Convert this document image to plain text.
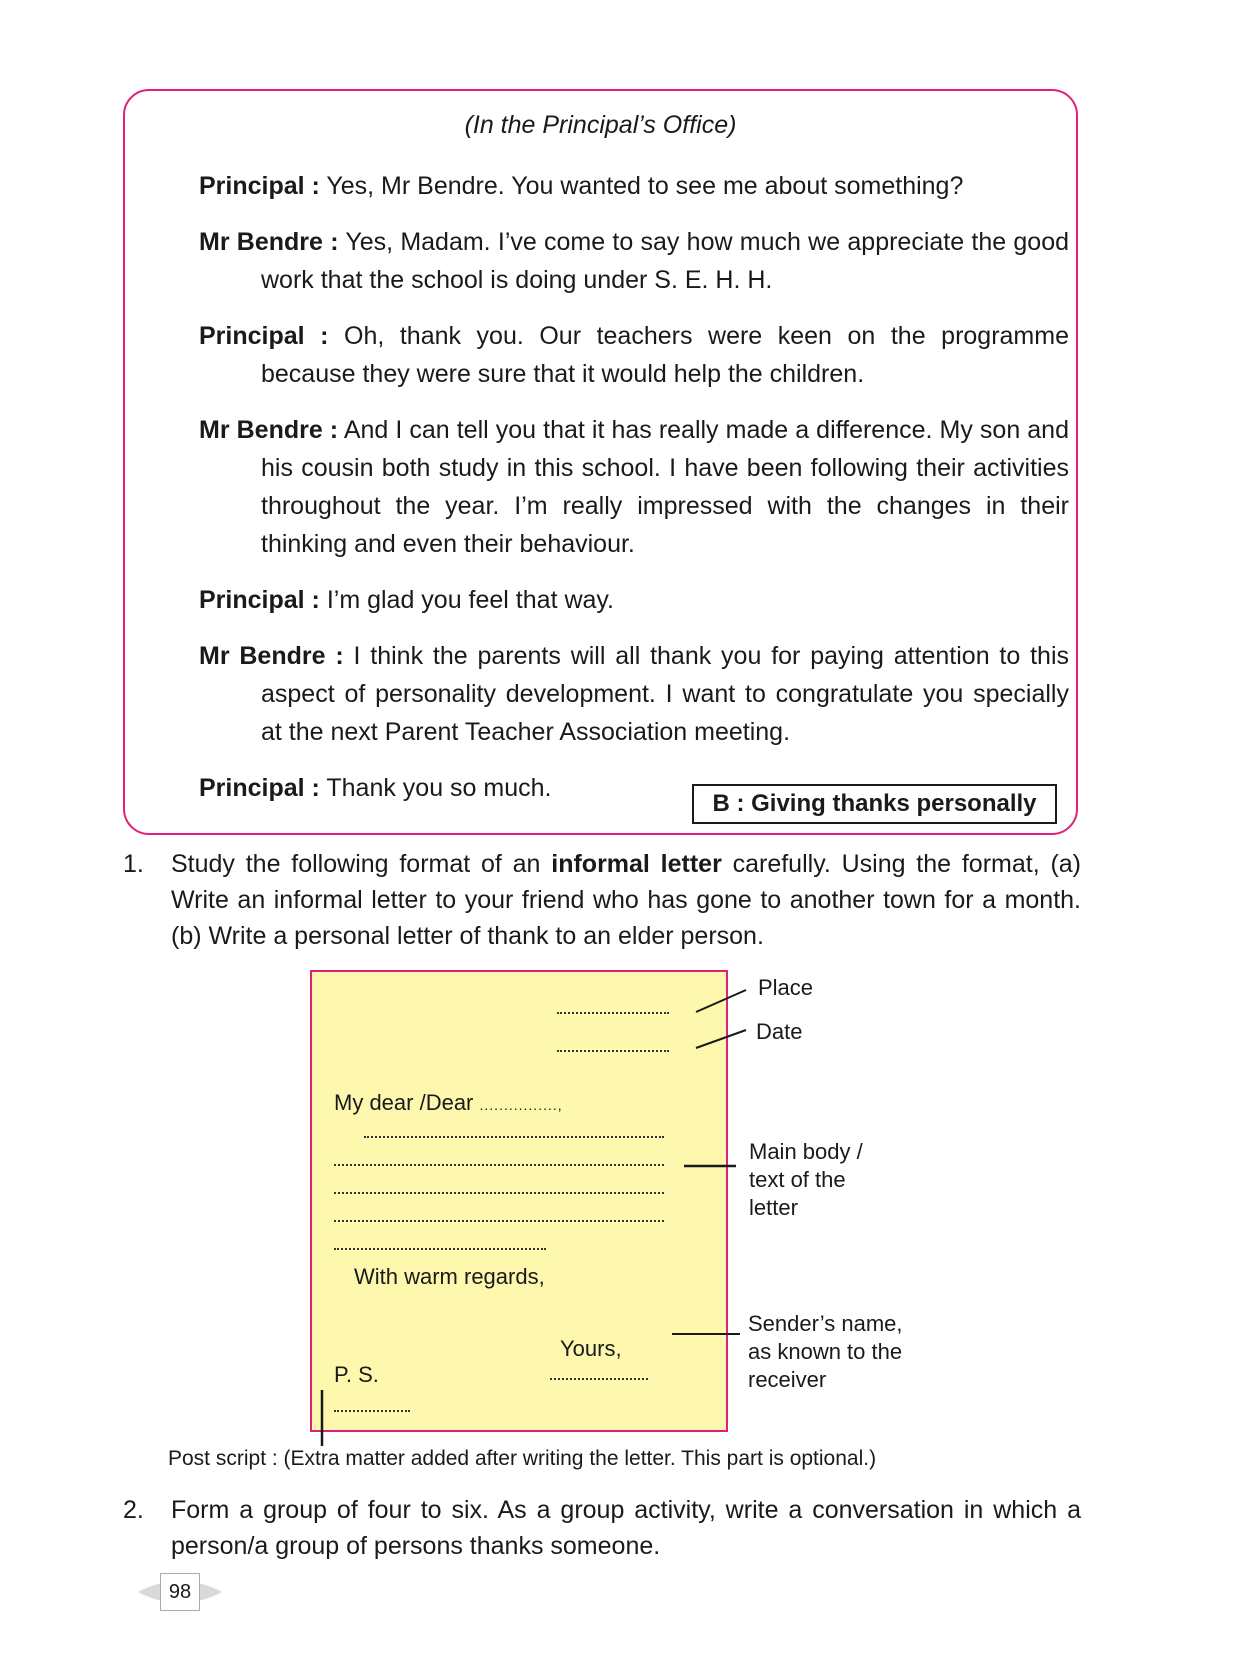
(In the Principal’s Office)
Principal : Yes, Mr Bendre. You wanted to see me about something?
Mr Bendre : Yes, Madam. I’ve come to say how much we appreciate the good work that the school is doing under S. E. H. H.
Principal : Oh, thank you. Our teachers were keen on the programme because they were sure that it would help the children.
Mr Bendre : And I can tell you that it has really made a difference. My son and his cousin both study in this school. I have been following their activities throughout the year. I’m really impressed with the changes in their thinking and even their behaviour.
Principal : I’m glad you feel that way.
Mr Bendre : I think the parents will all thank you for paying attention to this aspect of personality development. I want to congratulate you specially at the next Parent Teacher Association meeting.
Principal : Thank you so much.
B : Giving thanks personally
1. Study the following format of an informal letter carefully. Using the format, (a) Write an informal letter to your friend who has gone to another town for a month. (b) Write a personal letter of thank to an elder person.
My dear /Dear ................,
With warm regards,
Yours,
P. S.
Place
Date
Main body / text of the letter
Sender’s name, as known to the receiver
Post script : (Extra matter added after writing the letter. This part is optional.)
2. Form a group of four to six. As a group activity, write a conversation in which a person/a group of persons thanks someone.
98
